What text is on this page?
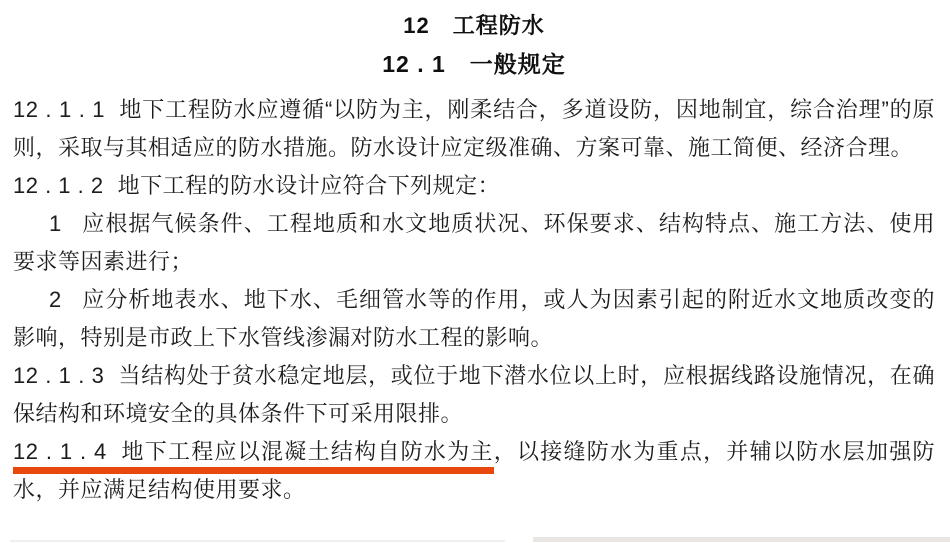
12　工程防水
12 . 1　一般规定

12 . 1 . 1 地下工程防水应遵循“以防为主，刚柔结合，多道设防，因地制宜，综合治理”的原则，采取与其相适应的防水措施。防水设计应定级准确、方案可靠、施工简便、经济合理。

12 . 1 . 2 地下工程的防水设计应符合下列规定：

1 应根据气候条件、工程地质和水文地质状况、环保要求、结构特点、施工方法、使用要求等因素进行；

2 应分析地表水、地下水、毛细管水等的作用，或人为因素引起的附近水文地质改变的影响，特别是市政上下水管线渗漏对防水工程的影响。

12 . 1 . 3 当结构处于贫水稳定地层，或位于地下潜水位以上时，应根据线路设施情况，在确保结构和环境安全的具体条件下可采用限排。

12 . 1 . 4 地下工程应以混凝土结构自防水为主，以接缝防水为重点，并辅以防水层加强防水，并应满足结构使用要求。
